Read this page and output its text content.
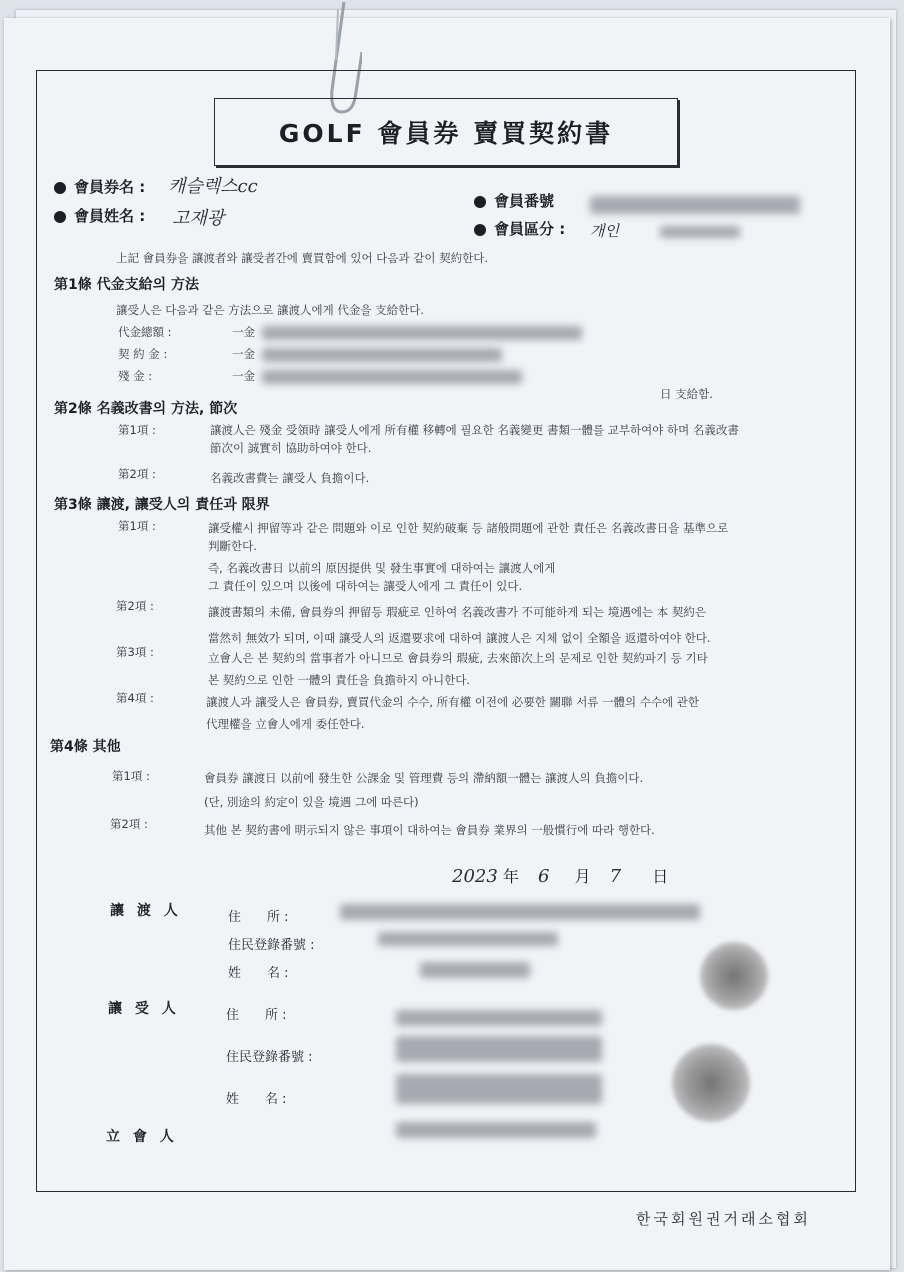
GOLF 會員券 賣買契約書
會員券名 : 캐슬렉스cc
會員姓名 : 고재광
會員番號
會員區分 : 개인
上記 會員券을 讓渡者와 讓受者간에 賣買함에 있어 다음과 같이 契約한다.
第1條 代金支給의 方法
讓受人은 다음과 같은 方法으로 讓渡人에게 代金을 支給한다.
代金總額 :	一金
契 約 金 :	一金
殘 金 :	一金
日 支給함.
第2條 名義改書의 方法, 節次
第1項 :	讓渡人은 殘金 受領時 讓受人에게 所有權 移轉에 필요한 名義變更 書類一體를 교부하여야 하며 名義改書
節次이 誠實히 協助하여야 한다.
第2項 :	名義改書費는 讓受人 負擔이다.
第3條 讓渡, 讓受人의 責任과 限界
第1項 :	讓受權시 押留等과 같은 問題와 이로 인한 契約破棄 등 諸般問題에 관한 責任은 名義改書日을 基準으로
判斷한다.
즉, 名義改書日 以前의 原因提供 및 發生事實에 대하여는 讓渡人에게
그 責任이 있으며 以後에 대하여는 讓受人에게 그 責任이 있다.
第2項 :	讓渡書類의 未備, 會員券의 押留등 瑕疵로 인하여 名義改書가 不可能하게 되는 境遇에는 本 契約은
當然히 無效가 되며, 이때 讓受人의 返還要求에 대하여 讓渡人은 지체 없이 全額을 返還하여야 한다.
第3項 :	立會人은 본 契約의 當事者가 아니므로 會員券의 瑕疵, 去來節次上의 문제로 인한 契約파기 등 기타
본 契約으로 인한 一體의 責任을 負擔하지 아니한다.
第4項 :	讓渡人과 讓受人은 會員券, 賣買代金의 수수, 所有權 이전에 必要한 關聯 서류 一體의 수수에 관한
代理權을 立會人에게 委任한다.
第4條 其他
第1項 :	會員券 讓渡日 以前에 發生한 公課金 및 管理費 등의 滯納額一體는 讓渡人의 負擔이다.
(단, 別途의 約定이 있을 境遇 그에 따른다)
第2項 :	其他 본 契約書에 明示되지 않은 事項이 대하여는 會員券 業界의 一般慣行에 따라 행한다.
2023 年 6 月 7 日
讓 渡 人	住　　所 :
住民登錄番號 :
姓　　名 :
讓 受 人	住　　所 :
住民登錄番號 :
姓　　名 :
立 會 人
한국회원권거래소협회
